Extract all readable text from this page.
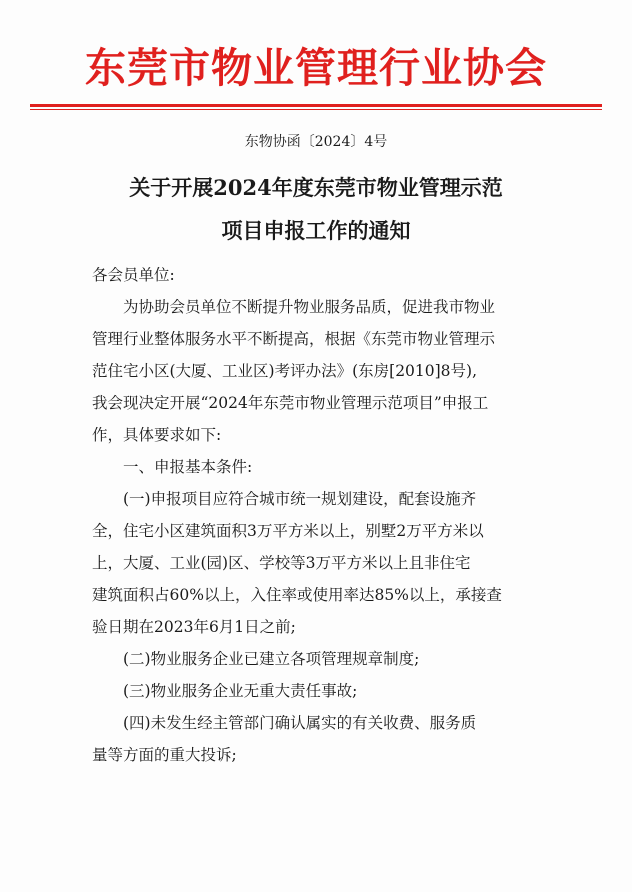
东莞市物业管理行业协会
东物协函〔2024〕4号
关于开展2024年度东莞市物业管理示范
项目申报工作的通知
各会员单位:
为协助会员单位不断提升物业服务品质，促进我市物业
管理行业整体服务水平不断提高，根据《东莞市物业管理示
范住宅小区(大厦、工业区)考评办法》(东房[2010]8号),
我会现决定开展“2024年东莞市物业管理示范项目”申报工
作，具体要求如下:
一、申报基本条件:
(一)申报项目应符合城市统一规划建设，配套设施齐
全，住宅小区建筑面积3万平方米以上，别墅2万平方米以
上，大厦、工业(园)区、学校等3万平方米以上且非住宅
建筑面积占60%以上，入住率或使用率达85%以上，承接查
验日期在2023年6月1日之前;
(二)物业服务企业已建立各项管理规章制度;
(三)物业服务企业无重大责任事故;
(四)未发生经主管部门确认属实的有关收费、服务质
量等方面的重大投诉;
